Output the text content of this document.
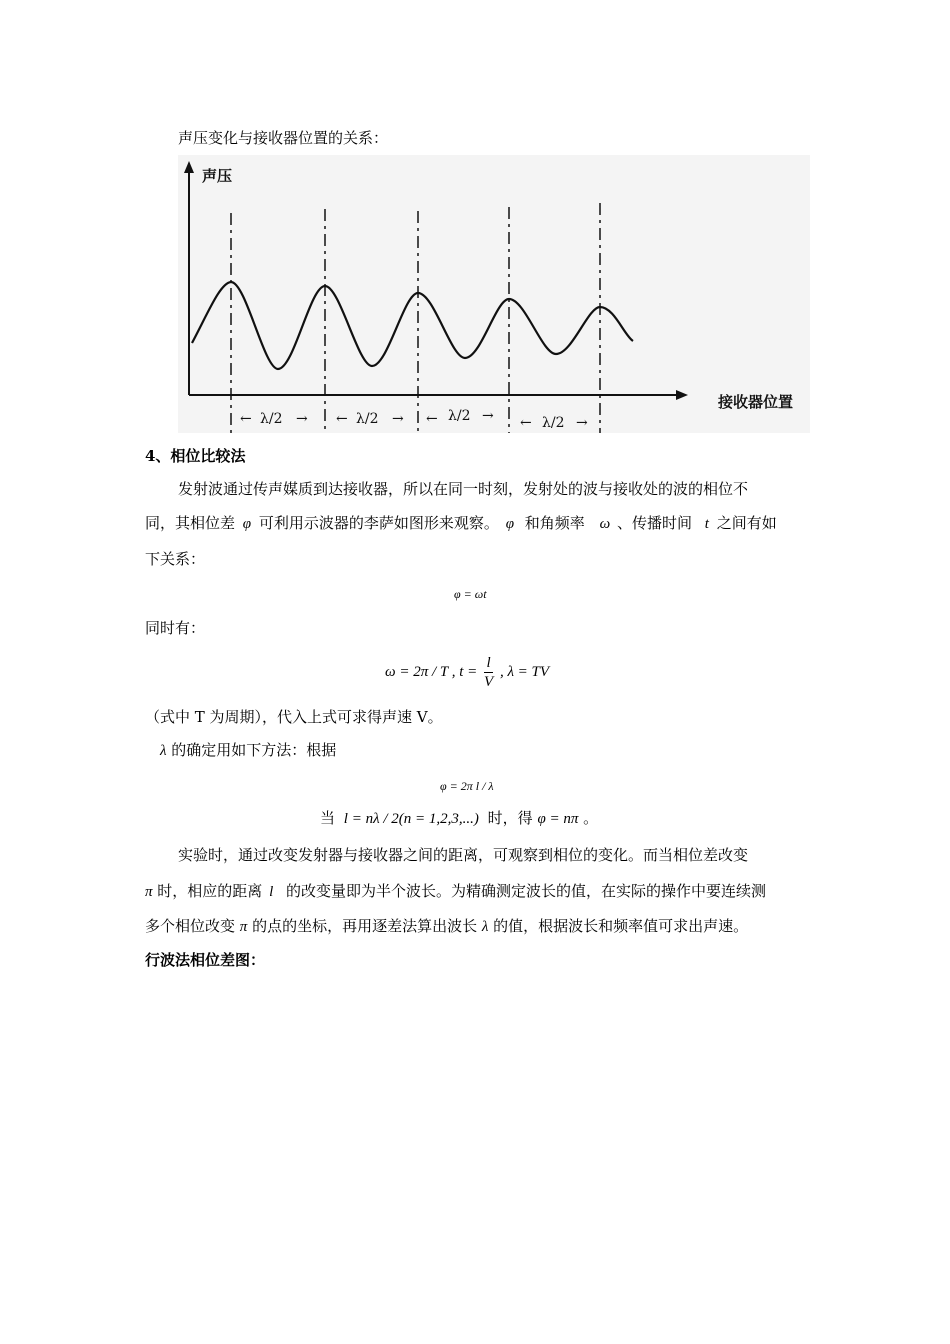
声压变化与接收器位置的关系：
声压
接收器位置
← λ/2 → ← λ/2 → ← λ/2 → ← λ/2 →
4、相位比较法
发射波通过传声媒质到达接收器，所以在同一时刻，发射处的波与接收处的波的相位不
同，其相位差 φ 可利用示波器的李萨如图形来观察。 φ 和角频率 ω 、传播时间 t 之间有如
下关系：
φ = ωt
同时有：
ω = 2π / T , $t = \frac{l}{V}$ , λ = TV
（式中 T 为周期），代入上式可求得声速 V。
λ 的确定用如下方法：根据
φ = 2π l / λ
当 l = nλ / 2(n = 1,2,3,...) 时，得 φ = nπ 。
实验时，通过改变发射器与接收器之间的距离，可观察到相位的变化。而当相位差改变
π 时，相应的距离 l 的改变量即为半个波长。为精确测定波长的值，在实际的操作中要连续测
多个相位改变 π 的点的坐标，再用逐差法算出波长 λ 的值，根据波长和频率值可求出声速。
行波法相位差图：
